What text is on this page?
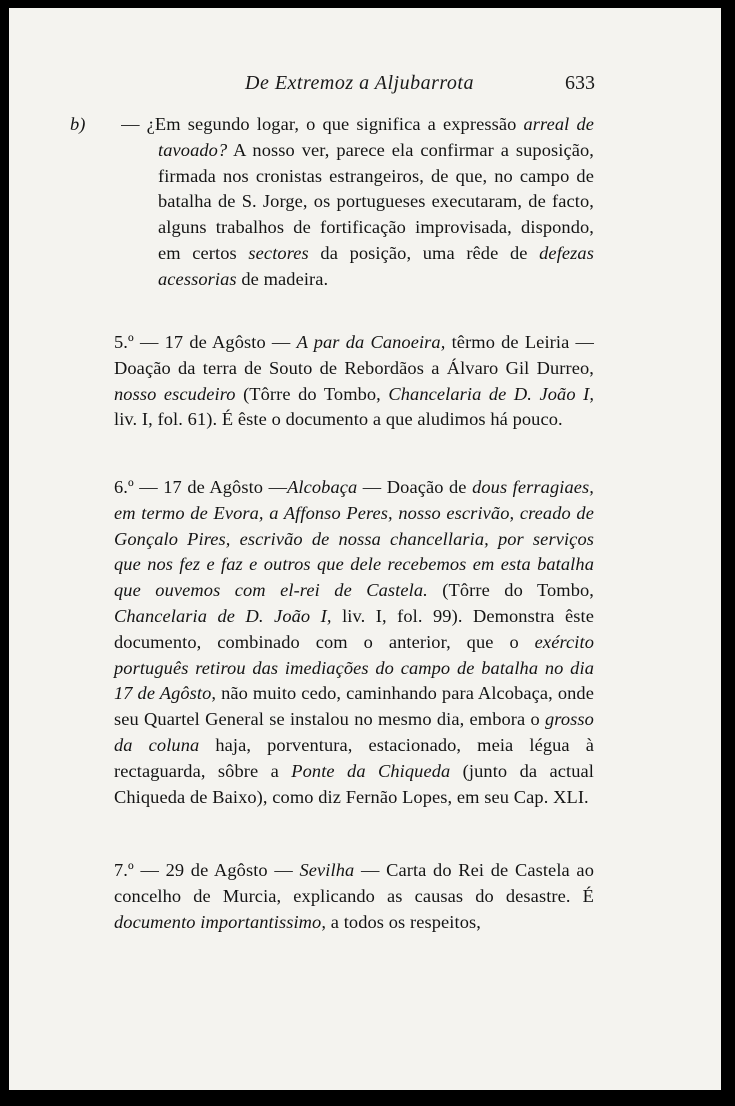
De Extremoz a Aljubarrota	633

b) — ¿Em segundo logar, o que significa a expressão arreal de tavoado? A nosso ver, parece ela confirmar a suposição, firmada nos cronistas estrangeiros, de que, no campo de batalha de S. Jorge, os portugueses executaram, de facto, alguns trabalhos de fortificação improvisada, dispondo, em certos sectores da posição, uma rêde de defezas acessorias de madeira.

5.º — 17 de Agôsto — A par da Canoeira, têrmo de Leiria — Doação da terra de Souto de Rebordãos a Álvaro Gil Durreo, nosso escudeiro (Tôrre do Tombo, Chancelaria de D. João I, liv. I, fol. 61). É êste o documento a que aludimos há pouco.

6.º — 17 de Agôsto —Alcobaça — Doação de dous ferragiaes, em termo de Evora, a Affonso Peres, nosso escrivão, creado de Gonçalo Pires, escrivão de nossa chancellaria, por serviços que nos fez e faz e outros que dele recebemos em esta batalha que ouvemos com el-rei de Castela. (Tôrre do Tombo, Chancelaria de D. João I, liv. I, fol. 99). Demonstra êste documento, combinado com o anterior, que o exército português retirou das imediações do campo de batalha no dia 17 de Agôsto, não muito cedo, caminhando para Alcobaça, onde seu Quartel General se instalou no mesmo dia, embora o grosso da coluna haja, porventura, estacionado, meia légua à rectaguarda, sôbre a Ponte da Chiqueda (junto da actual Chiqueda de Baixo), como diz Fernão Lopes, em seu Cap. XLI.

7.º — 29 de Agôsto — Sevilha — Carta do Rei de Castela ao concelho de Murcia, explicando as causas do desastre. É documento importantissimo, a todos os respeitos,
